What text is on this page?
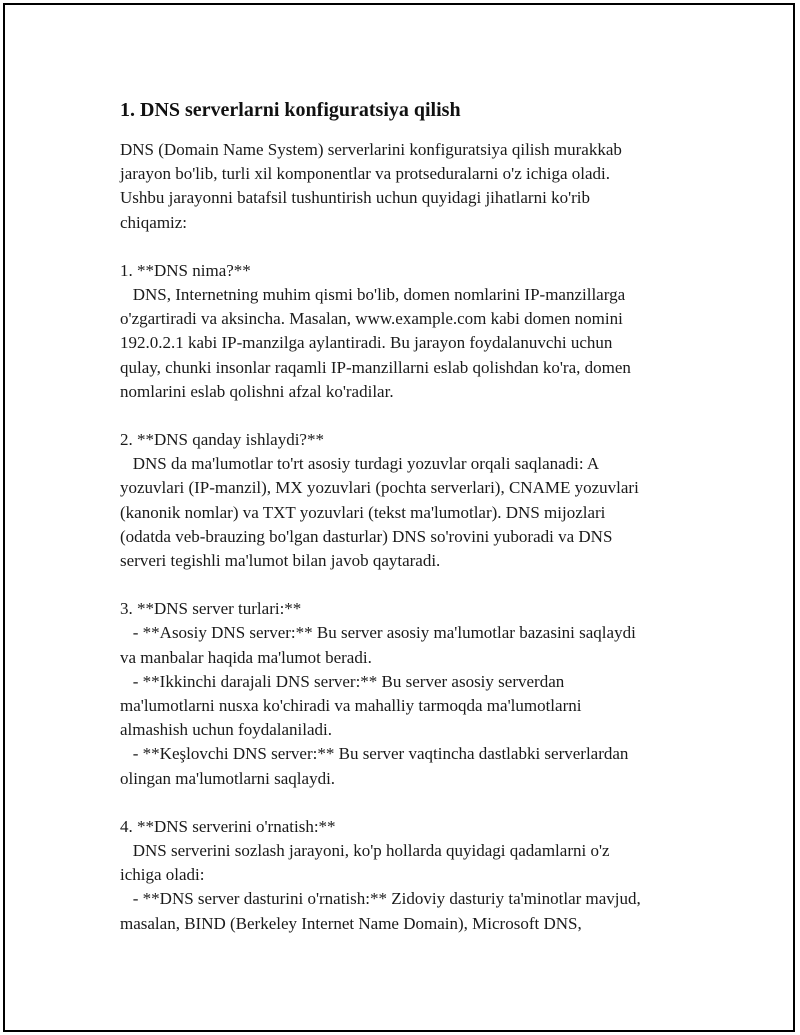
1. DNS serverlarni konfiguratsiya qilish
DNS (Domain Name System) serverlarini konfiguratsiya qilish murakkab
jarayon bo'lib, turli xil komponentlar va protseduralarni o'z ichiga oladi.
Ushbu jarayonni batafsil tushuntirish uchun quyidagi jihatlarni ko'rib
chiqamiz:
1. **DNS nima?**
DNS, Internetning muhim qismi bo'lib, domen nomlarini IP-manzillarga
o'zgartiradi va aksincha. Masalan, www.example.com kabi domen nomini
192.0.2.1 kabi IP-manzilga aylantiradi. Bu jarayon foydalanuvchi uchun
qulay, chunki insonlar raqamli IP-manzillarni eslab qolishdan ko'ra, domen
nomlarini eslab qolishni afzal ko'radilar.
2. **DNS qanday ishlaydi?**
DNS da ma'lumotlar to'rt asosiy turdagi yozuvlar orqali saqlanadi: A
yozuvlari (IP-manzil), MX yozuvlari (pochta serverlari), CNAME yozuvlari
(kanonik nomlar) va TXT yozuvlari (tekst ma'lumotlar). DNS mijozlari
(odatda veb-brauzing bo'lgan dasturlar) DNS so'rovini yuboradi va DNS
serveri tegishli ma'lumot bilan javob qaytaradi.
3. **DNS server turlari:**
- **Asosiy DNS server:** Bu server asosiy ma'lumotlar bazasini saqlaydi
va manbalar haqida ma'lumot beradi.
- **Ikkinchi darajali DNS server:** Bu server asosiy serverdan
ma'lumotlarni nusxa ko'chiradi va mahalliy tarmoqda ma'lumotlarni
almashish uchun foydalaniladi.
- **Keşlovchi DNS server:** Bu server vaqtincha dastlabki serverlardan
olingan ma'lumotlarni saqlaydi.
4. **DNS serverini o'rnatish:**
DNS serverini sozlash jarayoni, ko'p hollarda quyidagi qadamlarni o'z
ichiga oladi:
- **DNS server dasturini o'rnatish:** Zidoviy dasturiy ta'minotlar mavjud,
masalan, BIND (Berkeley Internet Name Domain), Microsoft DNS,
